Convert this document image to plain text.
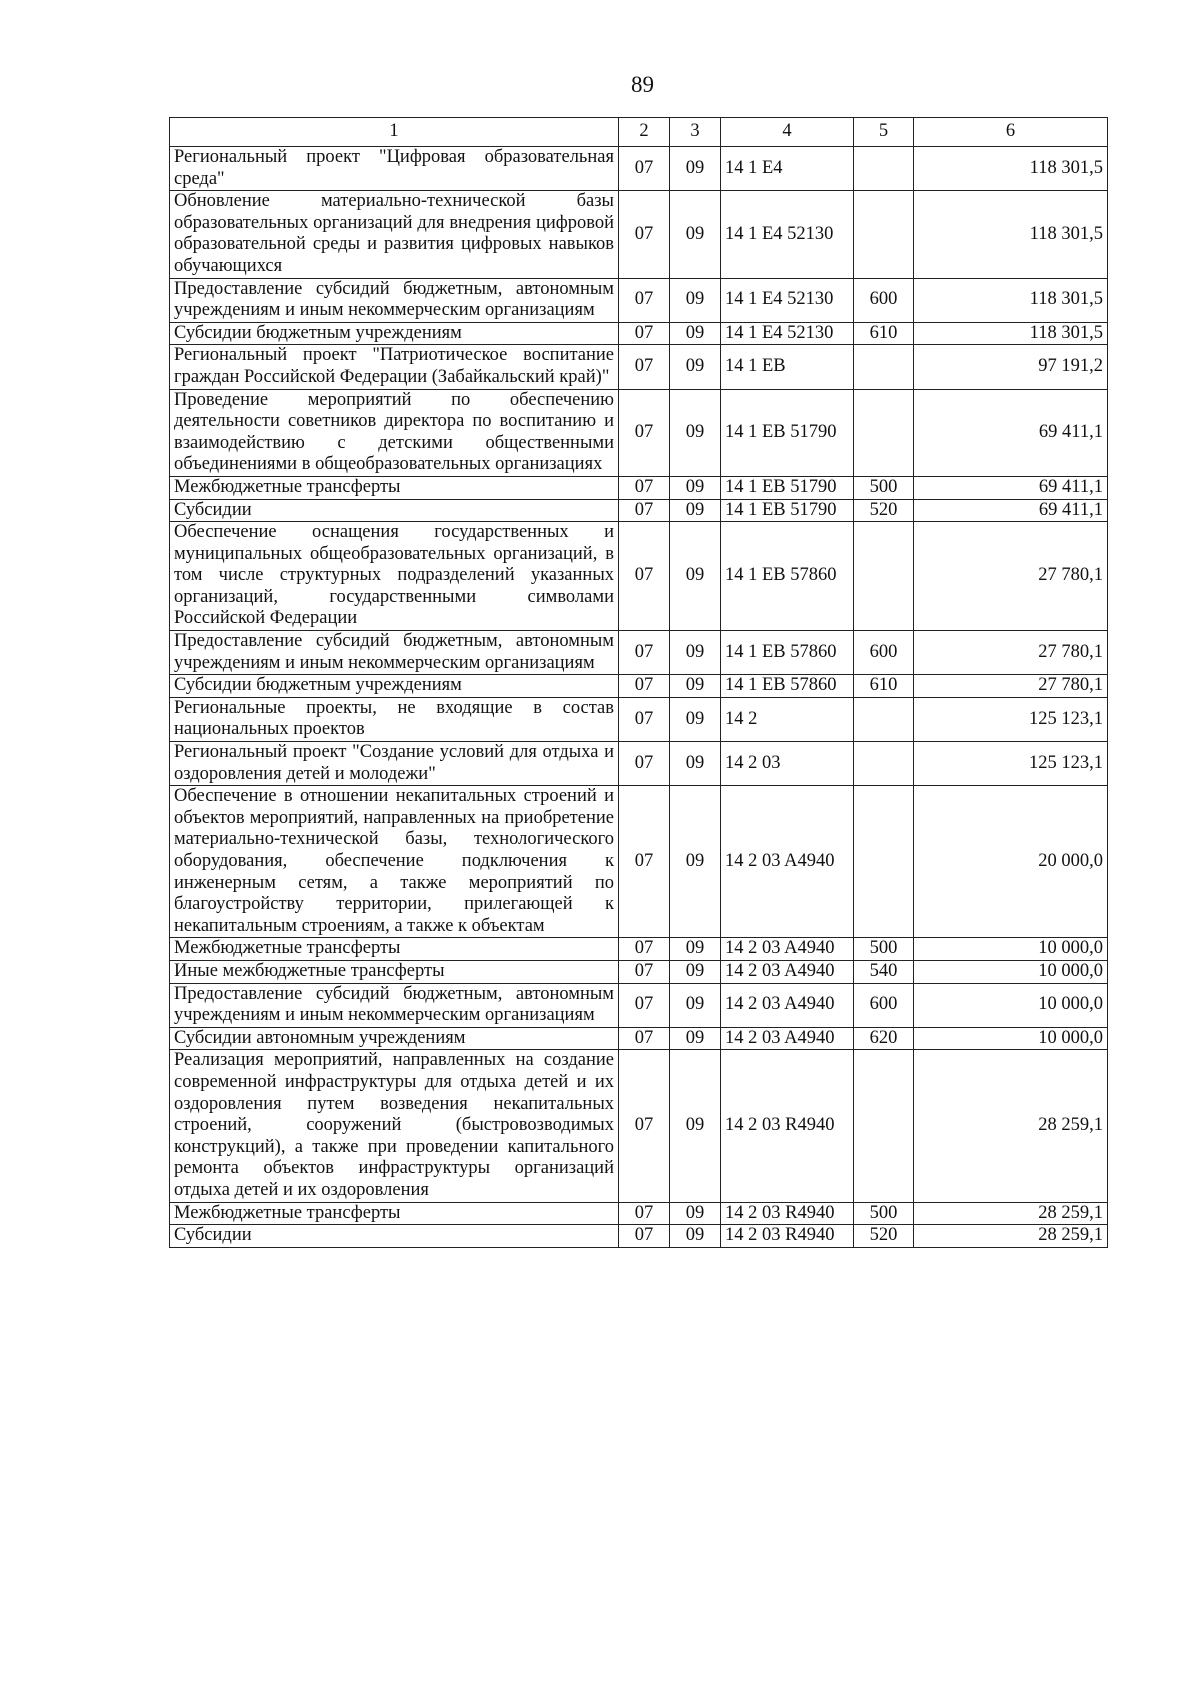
89
1	2	3	4	5	6
Региональный проект "Цифровая образовательная среда"	07	09	14 1 E4		118 301,5
Обновление материально-технической базы образовательных организаций для внедрения цифровой образовательной среды и развития цифровых навыков обучающихся	07	09	14 1 E4 52130		118 301,5
Предоставление субсидий бюджетным, автономным учреждениям и иным некоммерческим организациям	07	09	14 1 E4 52130	600	118 301,5
Субсидии бюджетным учреждениям	07	09	14 1 E4 52130	610	118 301,5
Региональный проект "Патриотическое воспитание граждан Российской Федерации (Забайкальский край)"	07	09	14 1 EB		97 191,2
Проведение мероприятий по обеспечению деятельности советников директора по воспитанию и взаимодействию с детскими общественными объединениями в общеобразовательных организациях	07	09	14 1 EB 51790		69 411,1
Межбюджетные трансферты	07	09	14 1 EB 51790	500	69 411,1
Субсидии	07	09	14 1 EB 51790	520	69 411,1
Обеспечение оснащения государственных и муниципальных общеобразовательных организаций, в том числе структурных подразделений указанных организаций, государственными символами Российской Федерации	07	09	14 1 EB 57860		27 780,1
Предоставление субсидий бюджетным, автономным учреждениям и иным некоммерческим организациям	07	09	14 1 EB 57860	600	27 780,1
Субсидии бюджетным учреждениям	07	09	14 1 EB 57860	610	27 780,1
Региональные проекты, не входящие в состав национальных проектов	07	09	14 2		125 123,1
Региональный проект "Создание условий для отдыха и оздоровления детей и молодежи"	07	09	14 2 03		125 123,1
Обеспечение в отношении некапитальных строений и объектов мероприятий, направленных на приобретение материально-технической базы, технологического оборудования, обеспечение подключения к инженерным сетям, а также мероприятий по благоустройству территории, прилегающей к некапитальным строениям, а также к объектам	07	09	14 2 03 A4940		20 000,0
Межбюджетные трансферты	07	09	14 2 03 A4940	500	10 000,0
Иные межбюджетные трансферты	07	09	14 2 03 A4940	540	10 000,0
Предоставление субсидий бюджетным, автономным учреждениям и иным некоммерческим организациям	07	09	14 2 03 A4940	600	10 000,0
Субсидии автономным учреждениям	07	09	14 2 03 A4940	620	10 000,0
Реализация мероприятий, направленных на создание современной инфраструктуры для отдыха детей и их оздоровления путем возведения некапитальных строений, сооружений (быстровозводимых конструкций), а также при проведении капитального ремонта объектов инфраструктуры организаций отдыха детей и их оздоровления	07	09	14 2 03 R4940		28 259,1
Межбюджетные трансферты	07	09	14 2 03 R4940	500	28 259,1
Субсидии	07	09	14 2 03 R4940	520	28 259,1
